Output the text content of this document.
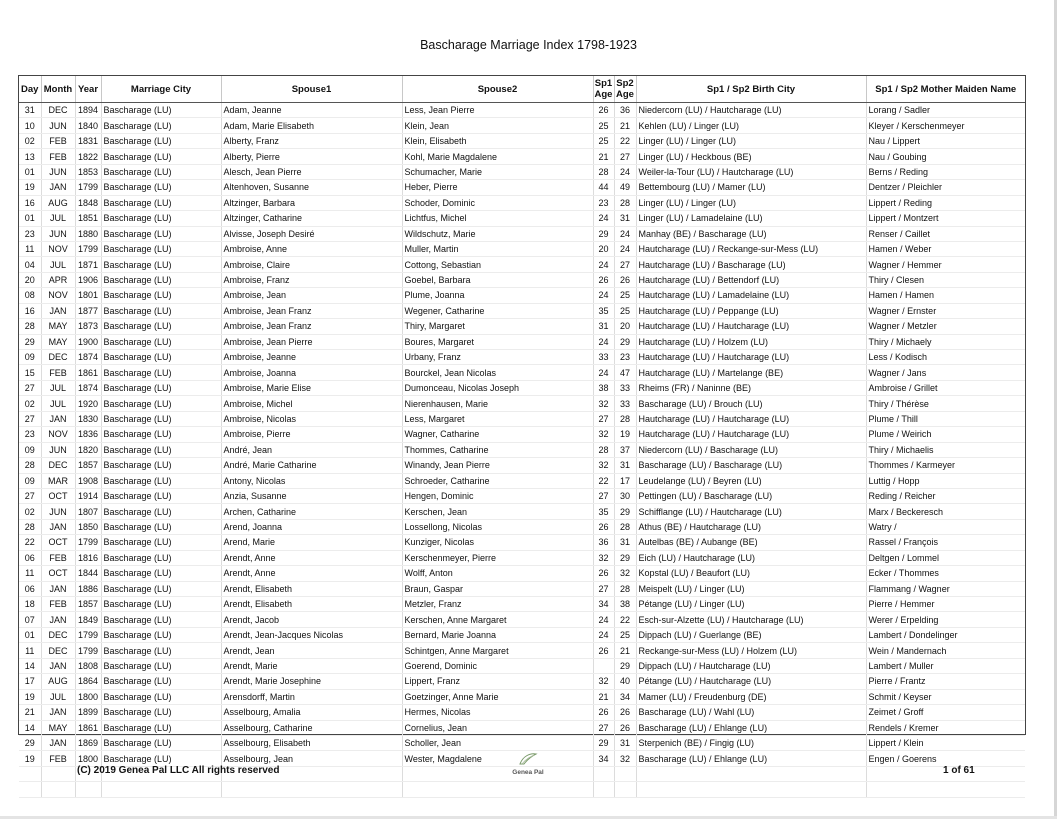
Bascharage Marriage Index 1798-1923
Day	Month	Year	Marriage City	Spouse1	Spouse2	Sp1 Age	Sp2 Age	Sp1 / Sp2 Birth City	Sp1 / Sp2 Mother Maiden Name
31	DEC	1894	Bascharage (LU)	Adam, Jeanne	Less, Jean Pierre	26	36	Niedercorn (LU) / Hautcharage (LU)	Lorang / Sadler
10	JUN	1840	Bascharage (LU)	Adam, Marie Elisabeth	Klein, Jean	25	21	Kehlen (LU) / Linger (LU)	Kleyer / Kerschenmeyer
02	FEB	1831	Bascharage (LU)	Alberty, Franz	Klein, Elisabeth	25	22	Linger (LU) / Linger (LU)	Nau / Lippert
13	FEB	1822	Bascharage (LU)	Alberty, Pierre	Kohl, Marie Magdalene	21	27	Linger (LU) / Heckbous (BE)	Nau / Goubing
01	JUN	1853	Bascharage (LU)	Alesch, Jean Pierre	Schumacher, Marie	28	24	Weiler-la-Tour (LU) / Hautcharage (LU)	Berns / Reding
19	JAN	1799	Bascharage (LU)	Altenhoven, Susanne	Heber, Pierre	44	49	Bettembourg (LU) / Mamer (LU)	Dentzer / Pleichler
16	AUG	1848	Bascharage (LU)	Altzinger, Barbara	Schoder, Dominic	23	28	Linger (LU) / Linger (LU)	Lippert / Reding
01	JUL	1851	Bascharage (LU)	Altzinger, Catharine	Lichtfus, Michel	24	31	Linger (LU) / Lamadelaine (LU)	Lippert / Montzert
23	JUN	1880	Bascharage (LU)	Alvisse, Joseph Desiré	Wildschutz, Marie	29	24	Manhay (BE) / Bascharage (LU)	Renser / Caillet
11	NOV	1799	Bascharage (LU)	Ambroise, Anne	Muller, Martin	20	24	Hautcharage (LU) / Reckange-sur-Mess (LU)	Hamen / Weber
04	JUL	1871	Bascharage (LU)	Ambroise, Claire	Cottong, Sebastian	24	27	Hautcharage (LU) / Bascharage (LU)	Wagner / Hemmer
20	APR	1906	Bascharage (LU)	Ambroise, Franz	Goebel, Barbara	26	26	Hautcharage (LU) / Bettendorf (LU)	Thiry / Clesen
08	NOV	1801	Bascharage (LU)	Ambroise, Jean	Plume, Joanna	24	25	Hautcharage (LU) / Lamadelaine (LU)	Hamen / Hamen
16	JAN	1877	Bascharage (LU)	Ambroise, Jean Franz	Wegener, Catharine	35	25	Hautcharage (LU) / Peppange (LU)	Wagner / Ernster
28	MAY	1873	Bascharage (LU)	Ambroise, Jean Franz	Thiry, Margaret	31	20	Hautcharage (LU) / Hautcharage (LU)	Wagner / Metzler
29	MAY	1900	Bascharage (LU)	Ambroise, Jean Pierre	Boures, Margaret	24	29	Hautcharage (LU) / Holzem (LU)	Thiry / Michaely
09	DEC	1874	Bascharage (LU)	Ambroise, Jeanne	Urbany, Franz	33	23	Hautcharage (LU) / Hautcharage (LU)	Less / Kodisch
15	FEB	1861	Bascharage (LU)	Ambroise, Joanna	Bourckel, Jean Nicolas	24	47	Hautcharage (LU) / Martelange (BE)	Wagner / Jans
27	JUL	1874	Bascharage (LU)	Ambroise, Marie Elise	Dumonceau, Nicolas Joseph	38	33	Rheims (FR) / Naninne (BE)	Ambroise / Grillet
02	JUL	1920	Bascharage (LU)	Ambroise, Michel	Nierenhausen, Marie	32	33	Bascharage (LU) / Brouch (LU)	Thiry / Thérèse
27	JAN	1830	Bascharage (LU)	Ambroise, Nicolas	Less, Margaret	27	28	Hautcharage (LU) / Hautcharage (LU)	Plume / Thill
23	NOV	1836	Bascharage (LU)	Ambroise, Pierre	Wagner, Catharine	32	19	Hautcharage (LU) / Hautcharage (LU)	Plume / Weirich
09	JUN	1820	Bascharage (LU)	André, Jean	Thommes, Catharine	28	37	Niedercorn (LU) / Bascharage (LU)	Thiry / Michaelis
28	DEC	1857	Bascharage (LU)	André, Marie Catharine	Winandy, Jean Pierre	32	31	Bascharage (LU) / Bascharage (LU)	Thommes / Karmeyer
09	MAR	1908	Bascharage (LU)	Antony, Nicolas	Schroeder, Catharine	22	17	Leudelange (LU) / Beyren (LU)	Luttig / Hopp
27	OCT	1914	Bascharage (LU)	Anzia, Susanne	Hengen, Dominic	27	30	Pettingen (LU) / Bascharage (LU)	Reding / Reicher
02	JUN	1807	Bascharage (LU)	Archen, Catharine	Kerschen, Jean	35	29	Schifflange (LU) / Hautcharage (LU)	Marx / Beckeresch
28	JAN	1850	Bascharage (LU)	Arend, Joanna	Lossellong, Nicolas	26	28	Athus (BE) / Hautcharage (LU)	Watry /
22	OCT	1799	Bascharage (LU)	Arend, Marie	Kunziger, Nicolas	36	31	Autelbas (BE) / Aubange (BE)	Rassel / François
06	FEB	1816	Bascharage (LU)	Arendt, Anne	Kerschenmeyer, Pierre	32	29	Eich (LU) / Hautcharage (LU)	Deltgen / Lommel
11	OCT	1844	Bascharage (LU)	Arendt, Anne	Wolff, Anton	26	32	Kopstal (LU) / Beaufort (LU)	Ecker / Thommes
06	JAN	1886	Bascharage (LU)	Arendt, Elisabeth	Braun, Gaspar	27	28	Meispelt (LU) / Linger (LU)	Flammang / Wagner
18	FEB	1857	Bascharage (LU)	Arendt, Elisabeth	Metzler, Franz	34	38	Pétange (LU) / Linger (LU)	Pierre / Hemmer
07	JAN	1849	Bascharage (LU)	Arendt, Jacob	Kerschen, Anne Margaret	24	22	Esch-sur-Alzette (LU) / Hautcharage (LU)	Werer / Erpelding
01	DEC	1799	Bascharage (LU)	Arendt, Jean-Jacques Nicolas	Bernard, Marie Joanna	24	25	Dippach (LU) / Guerlange (BE)	Lambert / Dondelinger
11	DEC	1799	Bascharage (LU)	Arendt, Jean	Schintgen, Anne Margaret	26	21	Reckange-sur-Mess (LU) / Holzem (LU)	Wein / Mandernach
14	JAN	1808	Bascharage (LU)	Arendt, Marie	Goerend, Dominic		29	Dippach (LU) / Hautcharage (LU)	Lambert / Muller
17	AUG	1864	Bascharage (LU)	Arendt, Marie Josephine	Lippert, Franz	32	40	Pétange (LU) / Hautcharage (LU)	Pierre / Frantz
19	JUL	1800	Bascharage (LU)	Arensdorff, Martin	Goetzinger, Anne Marie	21	34	Mamer (LU) / Freudenburg (DE)	Schmit / Keyser
21	JAN	1899	Bascharage (LU)	Asselbourg, Amalia	Hermes, Nicolas	26	26	Bascharage (LU) / Wahl (LU)	Zeimet / Groff
14	MAY	1861	Bascharage (LU)	Asselbourg, Catharine	Cornelius, Jean	27	26	Bascharage (LU) / Ehlange (LU)	Rendels / Kremer
29	JAN	1869	Bascharage (LU)	Asselbourg, Elisabeth	Scholler, Jean	29	31	Sterpenich (BE) / Fingig (LU)	Lippert / Klein
19	FEB	1800	Bascharage (LU)	Asselbourg, Jean	Wester, Magdalene	34	32	Bascharage (LU) / Ehlange (LU)	Engen / Goerens

(C) 2019 Genea Pal LLC All rights reserved	Genea Pal	1 of 61
